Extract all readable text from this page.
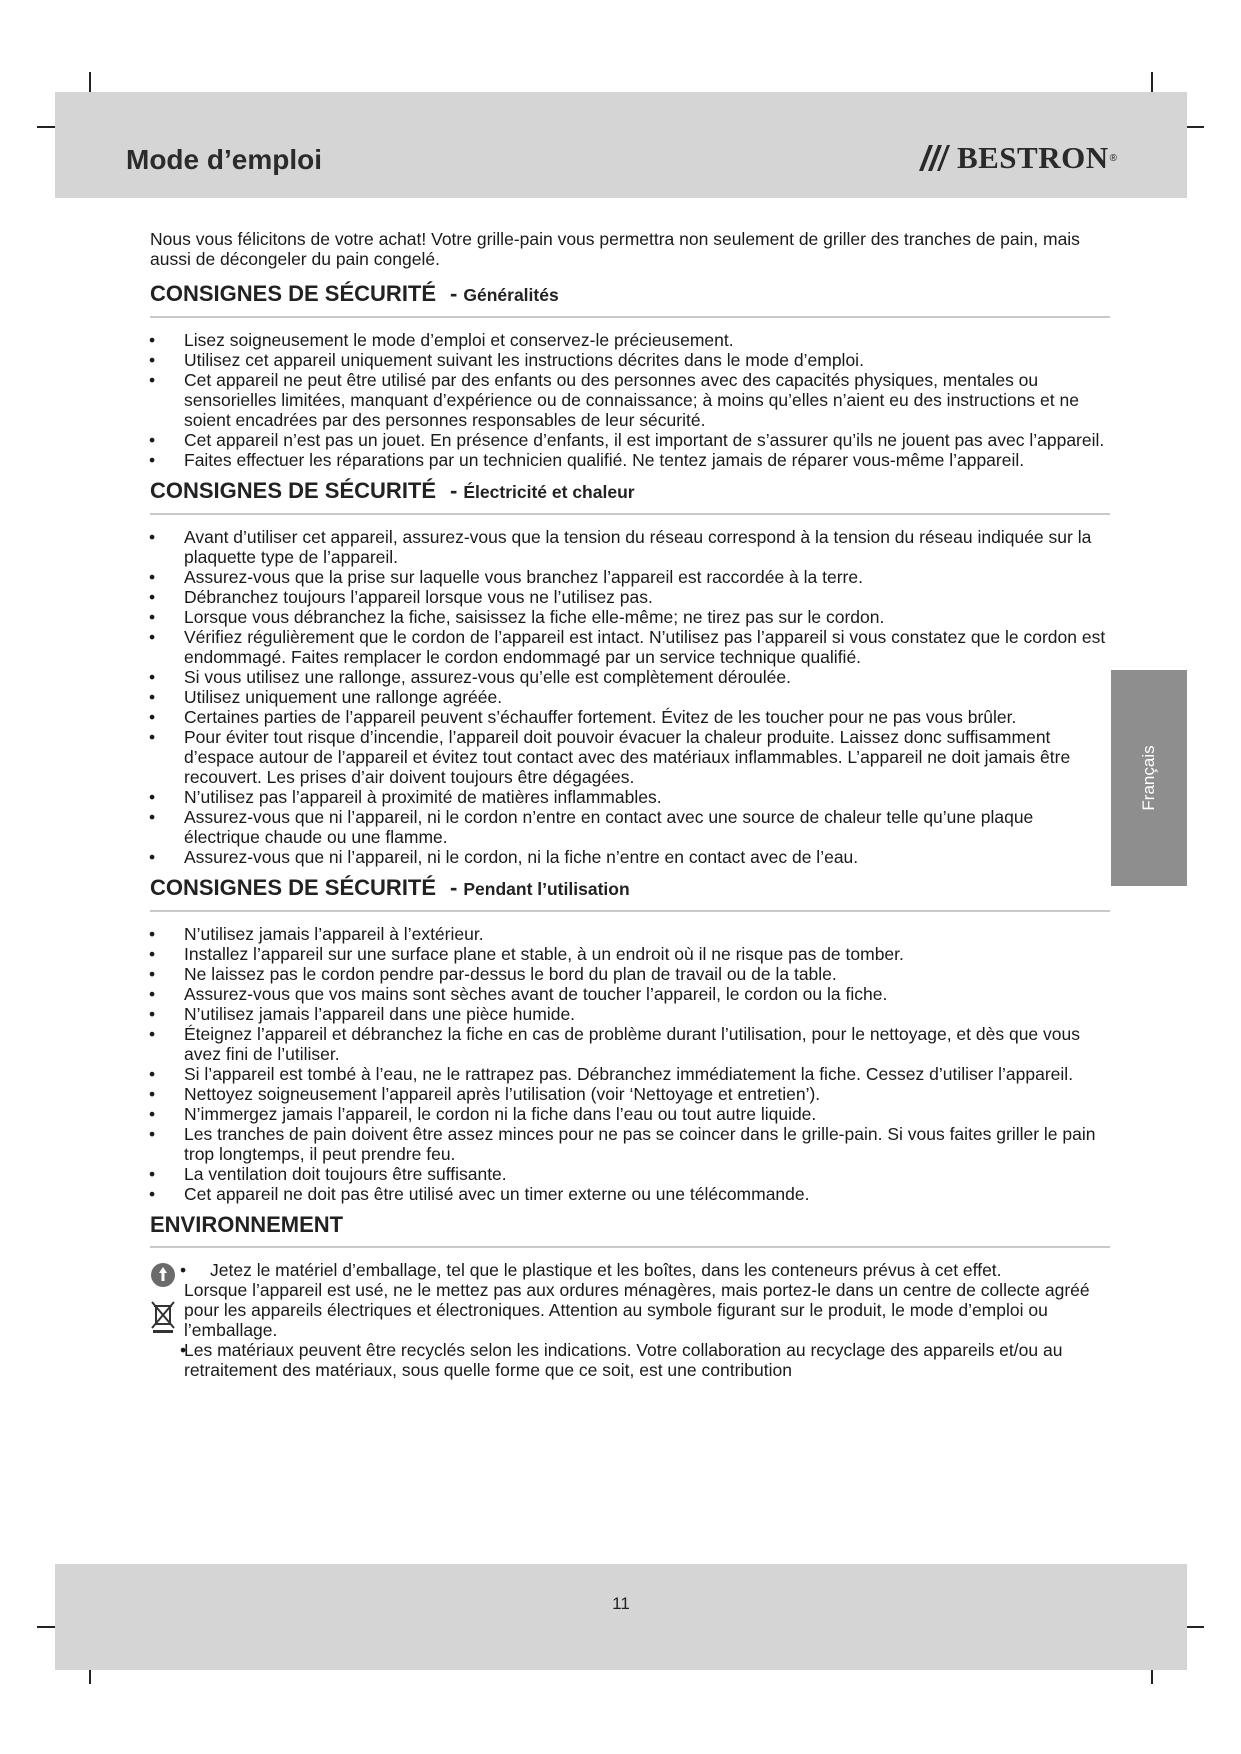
Mode d’emploi	BESTRON ®
Français

Nous vous félicitons de votre achat! Votre grille-pain vous permettra non seulement de griller des tranches de pain, mais aussi de décongeler du pain congelé.

CONSIGNES DE SÉCURITÉ - Généralités
• Lisez soigneusement le mode d’emploi et conservez-le précieusement.
• Utilisez cet appareil uniquement suivant les instructions décrites dans le mode d’emploi.
• Cet appareil ne peut être utilisé par des enfants ou des personnes avec des capacités physiques, mentales ou sensorielles limitées, manquant d’expérience ou de connaissance; à moins qu’elles n’aient eu des instructions et ne soient encadrées par des personnes responsables de leur sécurité.
• Cet appareil n’est pas un jouet. En présence d’enfants, il est important de s’assurer qu’ils ne jouent pas avec l’appareil.
• Faites effectuer les réparations par un technicien qualifié. Ne tentez jamais de réparer vous-même l’appareil.
CONSIGNES DE SÉCURITÉ - Électricité et chaleur
• Avant d’utiliser cet appareil, assurez-vous que la tension du réseau correspond à la tension du réseau indiquée sur la plaquette type de l’appareil.
• Assurez-vous que la prise sur laquelle vous branchez l’appareil est raccordée à la terre.
• Débranchez toujours l’appareil lorsque vous ne l’utilisez pas.
• Lorsque vous débranchez la fiche, saisissez la fiche elle-même; ne tirez pas sur le cordon.
• Vérifiez régulièrement que le cordon de l’appareil est intact. N’utilisez pas l’appareil si vous constatez que le cordon est endommagé. Faites remplacer le cordon endommagé par un service technique qualifié.
• Si vous utilisez une rallonge, assurez-vous qu’elle est complètement déroulée.
• Utilisez uniquement une rallonge agréée.
• Certaines parties de l’appareil peuvent s’échauffer fortement. Évitez de les toucher pour ne pas vous brûler.
• Pour éviter tout risque d’incendie, l’appareil doit pouvoir évacuer la chaleur produite. Laissez donc suffisamment d’espace autour de l’appareil et évitez tout contact avec des matériaux inflammables. L’appareil ne doit jamais être recouvert. Les prises d’air doivent toujours être dégagées.
• N’utilisez pas l’appareil à proximité de matières inflammables.
• Assurez-vous que ni l’appareil, ni le cordon n’entre en contact avec une source de chaleur telle qu’une plaque électrique chaude ou une flamme.
• Assurez-vous que ni l’appareil, ni le cordon, ni la fiche n’entre en contact avec de l’eau.
CONSIGNES DE SÉCURITÉ - Pendant l’utilisation
• N’utilisez jamais l’appareil à l’extérieur.
• Installez l’appareil sur une surface plane et stable, à un endroit où il ne risque pas de tomber.
• Ne laissez pas le cordon pendre par-dessus le bord du plan de travail ou de la table.
• Assurez-vous que vos mains sont sèches avant de toucher l’appareil, le cordon ou la fiche.
• N’utilisez jamais l’appareil dans une pièce humide.
• Éteignez l’appareil et débranchez la fiche en cas de problème durant l’utilisation, pour le nettoyage, et dès que vous avez fini de l’utiliser.
• Si l’appareil est tombé à l’eau, ne le rattrapez pas. Débranchez immédiatement la fiche. Cessez d’utiliser l’appareil.
• Nettoyez soigneusement l’appareil après l’utilisation (voir ‘Nettoyage et entretien’).
• N’immergez jamais l’appareil, le cordon ni la fiche dans l’eau ou tout autre liquide.
• Les tranches de pain doivent être assez minces pour ne pas se coincer dans le grille-pain. Si vous faites griller le pain trop longtemps, il peut prendre feu.
• La ventilation doit toujours être suffisante.
• Cet appareil ne doit pas être utilisé avec un timer externe ou une télécommande.
ENVIRONNEMENT

• Jetez le matériel d’emballage, tel que le plastique et les boîtes, dans les conteneurs prévus à cet effet.

Lorsque l’appareil est usé, ne le mettez pas aux ordures ménagères, mais portez-le dans un centre de collecte agréé pour les appareils électriques et électroniques. Attention au symbole figurant sur le produit, le mode d’emploi ou l’emballage.

• Les matériaux peuvent être recyclés selon les indications. Votre collaboration au recyclage des appareils et/ou au retraitement des matériaux, sous quelle forme que ce soit, est une contribution

11
